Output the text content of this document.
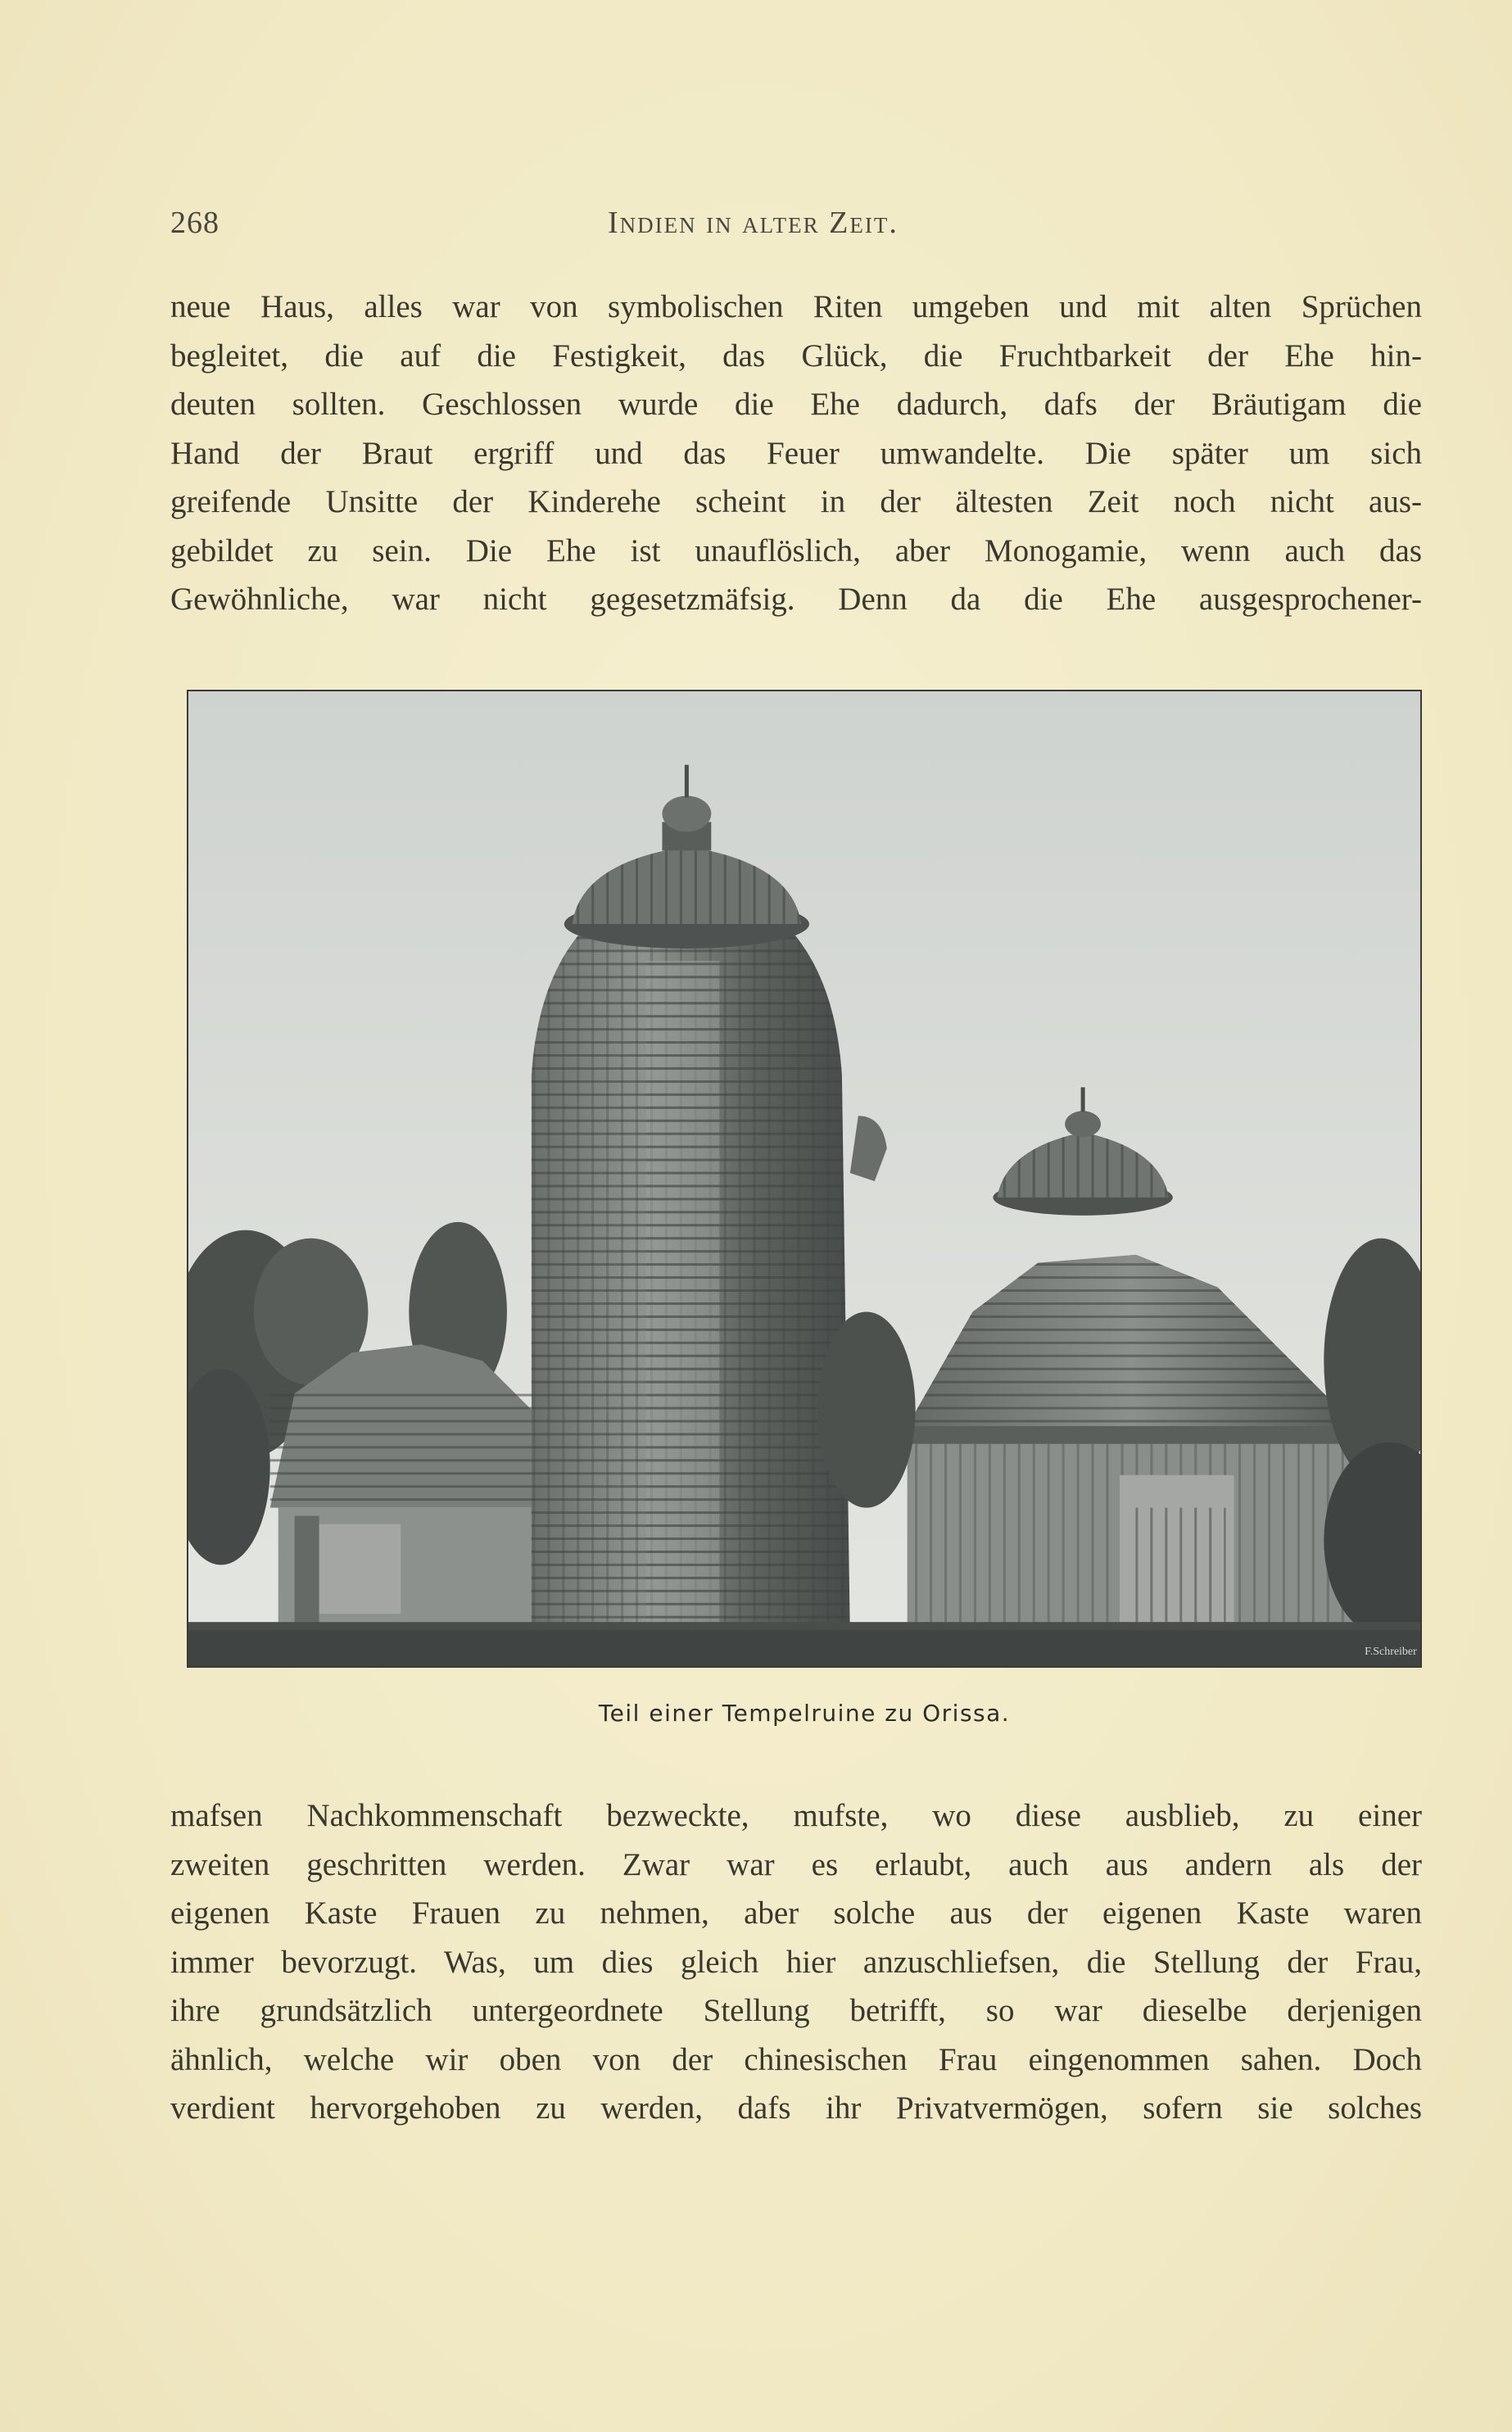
268	Indien in alter Zeit.
neue Haus, alles war von symbolischen Riten umgeben und mit alten Sprüchen
begleitet, die auf die Festigkeit, das Glück, die Fruchtbarkeit der Ehe hin-
deuten sollten. Geschlossen wurde die Ehe dadurch, dafs der Bräutigam die
Hand der Braut ergriff und das Feuer umwandelte. Die später um sich
greifende Unsitte der Kinderehe scheint in der ältesten Zeit noch nicht aus-
gebildet zu sein. Die Ehe ist unauflöslich, aber Monogamie, wenn auch das
Gewöhnliche, war nicht gegesetzmäfsig. Denn da die Ehe ausgesprochener-
F.Schreiber
Teil einer Tempelruine zu Orissa.
mafsen Nachkommenschaft bezweckte, mufste, wo diese ausblieb, zu einer
zweiten geschritten werden. Zwar war es erlaubt, auch aus andern als der
eigenen Kaste Frauen zu nehmen, aber solche aus der eigenen Kaste waren
immer bevorzugt. Was, um dies gleich hier anzuschliefsen, die Stellung der Frau,
ihre grundsätzlich untergeordnete Stellung betrifft, so war dieselbe derjenigen
ähnlich, welche wir oben von der chinesischen Frau eingenommen sahen. Doch
verdient hervorgehoben zu werden, dafs ihr Privatvermögen, sofern sie solches
